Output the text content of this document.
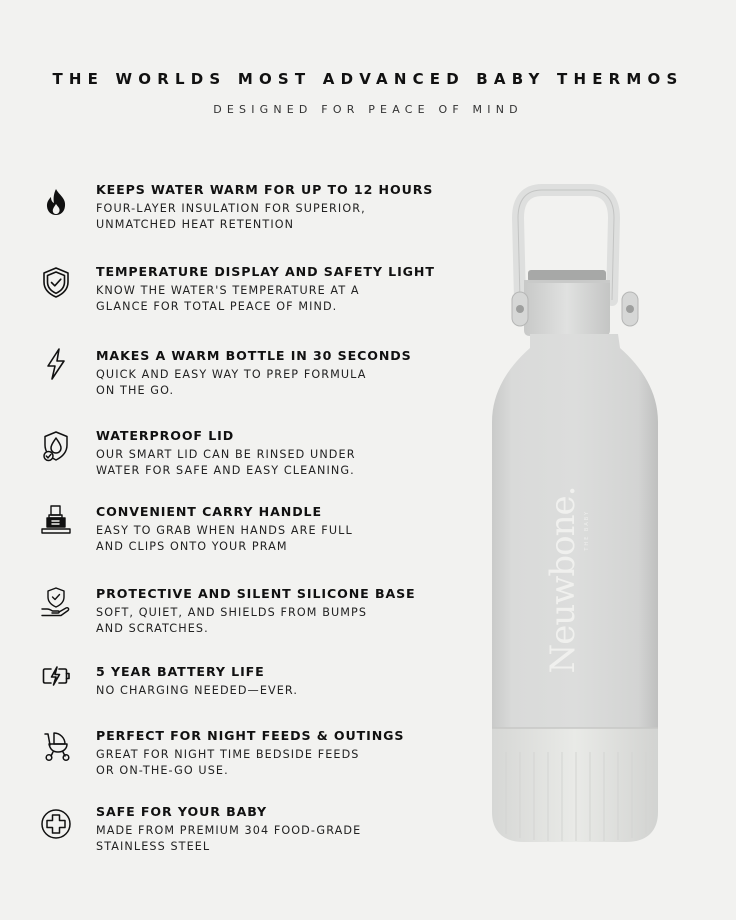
THE WORLDS MOST ADVANCED BABY THERMOS
DESIGNED FOR PEACE OF MIND
KEEPS WATER WARM FOR UP TO 12 HOURS
FOUR-LAYER INSULATION FOR SUPERIOR,
UNMATCHED HEAT RETENTION
TEMPERATURE DISPLAY AND SAFETY LIGHT
KNOW THE WATER'S TEMPERATURE AT A
GLANCE FOR TOTAL PEACE OF MIND.
MAKES A WARM BOTTLE IN 30 SECONDS
QUICK AND EASY WAY TO PREP FORMULA
ON THE GO.
WATERPROOF LID
OUR SMART LID CAN BE RINSED UNDER
WATER FOR SAFE AND EASY CLEANING.
CONVENIENT CARRY HANDLE
EASY TO GRAB WHEN HANDS ARE FULL
AND CLIPS ONTO YOUR PRAM
PROTECTIVE AND SILENT SILICONE BASE
SOFT, QUIET, AND SHIELDS FROM BUMPS
AND SCRATCHES.
5 YEAR BATTERY LIFE
NO CHARGING NEEDED—EVER.
PERFECT FOR NIGHT FEEDS & OUTINGS
GREAT FOR NIGHT TIME BEDSIDE FEEDS
OR ON-THE-GO USE.
SAFE FOR YOUR BABY
MADE FROM PREMIUM 304 FOOD-GRADE
STAINLESS STEEL
Neuwbone. THE BABY
